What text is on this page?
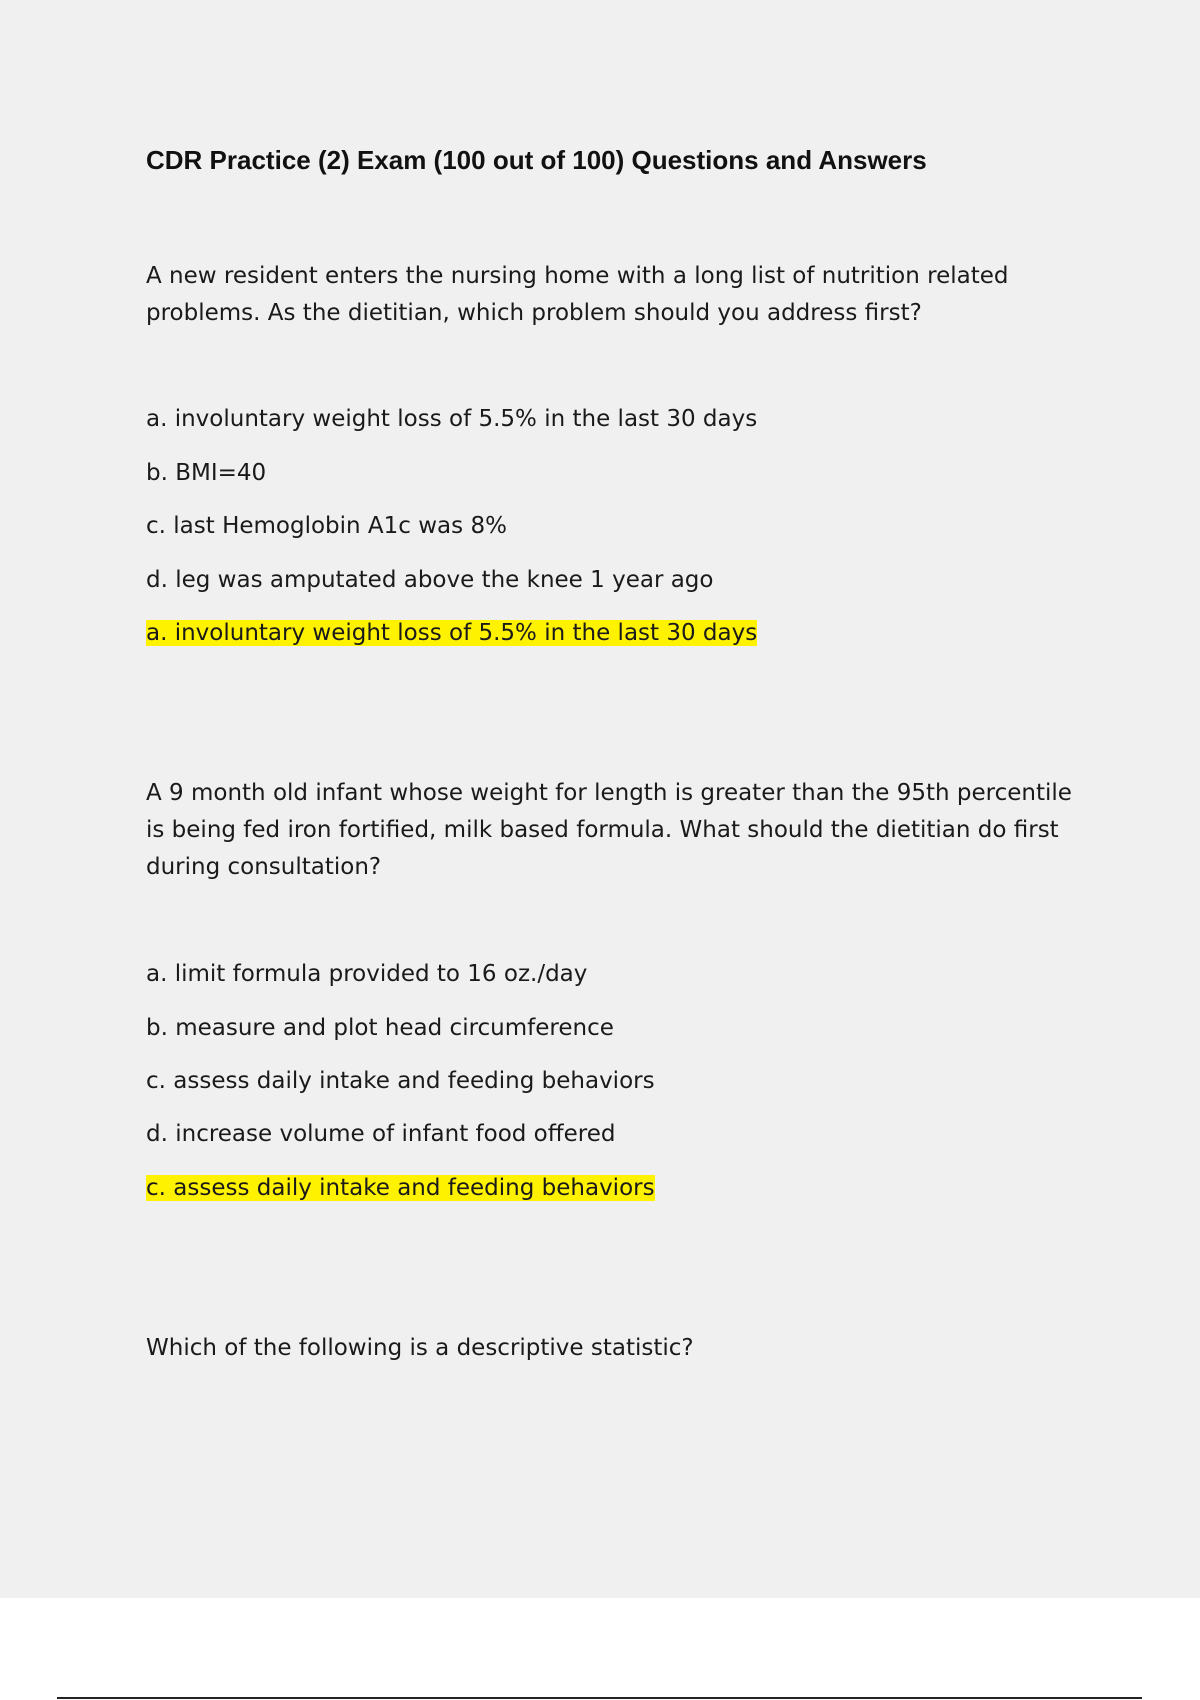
CDR Practice (2) Exam (100 out of 100) Questions and Answers

A new resident enters the nursing home with a long list of nutrition related problems. As the dietitian, which problem should you address first?

a. involuntary weight loss of 5.5% in the last 30 days

b. BMI=40

c. last Hemoglobin A1c was 8%

d. leg was amputated above the knee 1 year ago

a. involuntary weight loss of 5.5% in the last 30 days

A 9 month old infant whose weight for length is greater than the 95th percentile is being fed iron fortified, milk based formula. What should the dietitian do first during consultation?

a. limit formula provided to 16 oz./day

b. measure and plot head circumference

c. assess daily intake and feeding behaviors

d. increase volume of infant food offered

c. assess daily intake and feeding behaviors

Which of the following is a descriptive statistic?
